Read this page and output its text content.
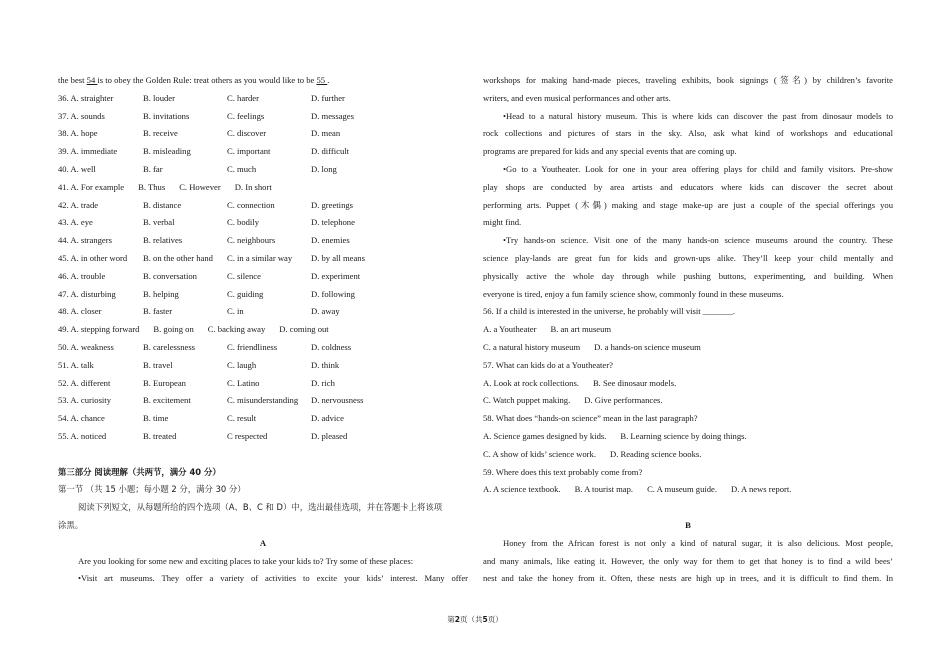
the best 54 is to obey the Golden Rule: treat others as you would like to be 55 .
36. A. straighter	B. louder	C. harder	D. further
37. A. sounds	B. invitations	C. feelings	D. messages
38. A. hope	B. receive	C. discover	D. mean
39. A. immediate	B. misleading	C. important	D. difficult
40. A. well	B. far	C. much	D. long
41. A. For example B. Thus C. However D. In short
42. A. trade	B. distance	C. connection	D. greetings
43. A. eye	B. verbal	C. bodily	D. telephone
44. A. strangers	B. relatives	C. neighbours	D. enemies
45. A. in other word	B. on the other hand	C. in a similar way	D. by all means
46. A. trouble	B. conversation	C. silence	D. experiment
47. A. disturbing	B. helping	C. guiding	D. following
48. A. closer	B. faster	C. in	D. away
49. A. stepping forward B. going on C. backing away D. coming out
50. A. weakness	B. carelessness	C. friendliness	D. coldness
51. A. talk	B. travel	C. laugh	D. think
52. A. different	B. European	C. Latino	D. rich
53. A. curiosity	B. excitement	C. misunderstanding	D. nervousness
54. A. chance	B. time	C. result	D. advice
55. A. noticed	B. treated	C respected	D. pleased
第三部分 阅读理解（共两节，满分 40 分）
第一节 （共 15 小题；每小题 2 分，满分 30 分）
阅读下列短文，从每题所给的四个选项（A、B、C 和 D）中，选出最佳选项，并在答题卡上将该项
涂黑。
A
Are you looking for some new and exciting places to take your kids to? Try some of these places:
•Visit art museums. They offer a variety of activities to excite your kids’ interest. Many offer
workshops for making hand-made pieces, traveling exhibits, book signings (签名) by children’s favorite
writers, and even musical performances and other arts.
•Head to a natural history museum. This is where kids can discover the past from dinosaur models to
rock collections and pictures of stars in the sky. Also, ask what kind of workshops and educational
programs are prepared for kids and any special events that are coming up.
•Go to a Youtheater. Look for one in your area offering plays for child and family visitors. Pre-show
play shops are conducted by area artists and educators where kids can discover the secret about
performing arts. Puppet (木偶) making and stage make-up are just a couple of the special offerings you
might find.
•Try hands-on science. Visit one of the many hands-on science museums around the country. These
science play-lands are great fun for kids and grown-ups alike. They’ll keep your child mentally and
physically active the whole day through while pushing buttons, experimenting, and building. When
everyone is tired, enjoy a fun family science show, commonly found in these museums.
56. If a child is interested in the universe, he probably will visit _______.
A. a Youtheater B. an art museum
C. a natural history museum D. a hands-on science museum
57. What can kids do at a Youtheater?
A. Look at rock collections. B. See dinosaur models.
C. Watch puppet making. D. Give performances.
58. What does “hands-on science” mean in the last paragraph?
A. Science games designed by kids. B. Learning science by doing things.
C. A show of kids’ science work. D. Reading science books.
59. Where does this text probably come from?
A. A science textbook. B. A tourist map. C. A museum guide. D. A news report.
B
Honey from the African forest is not only a kind of natural sugar, it is also delicious. Most people,
and many animals, like eating it. However, the only way for them to get that honey is to find a wild bees’
nest and take the honey from it. Often, these nests are high up in trees, and it is difficult to find them. In
第2页（共5页）
